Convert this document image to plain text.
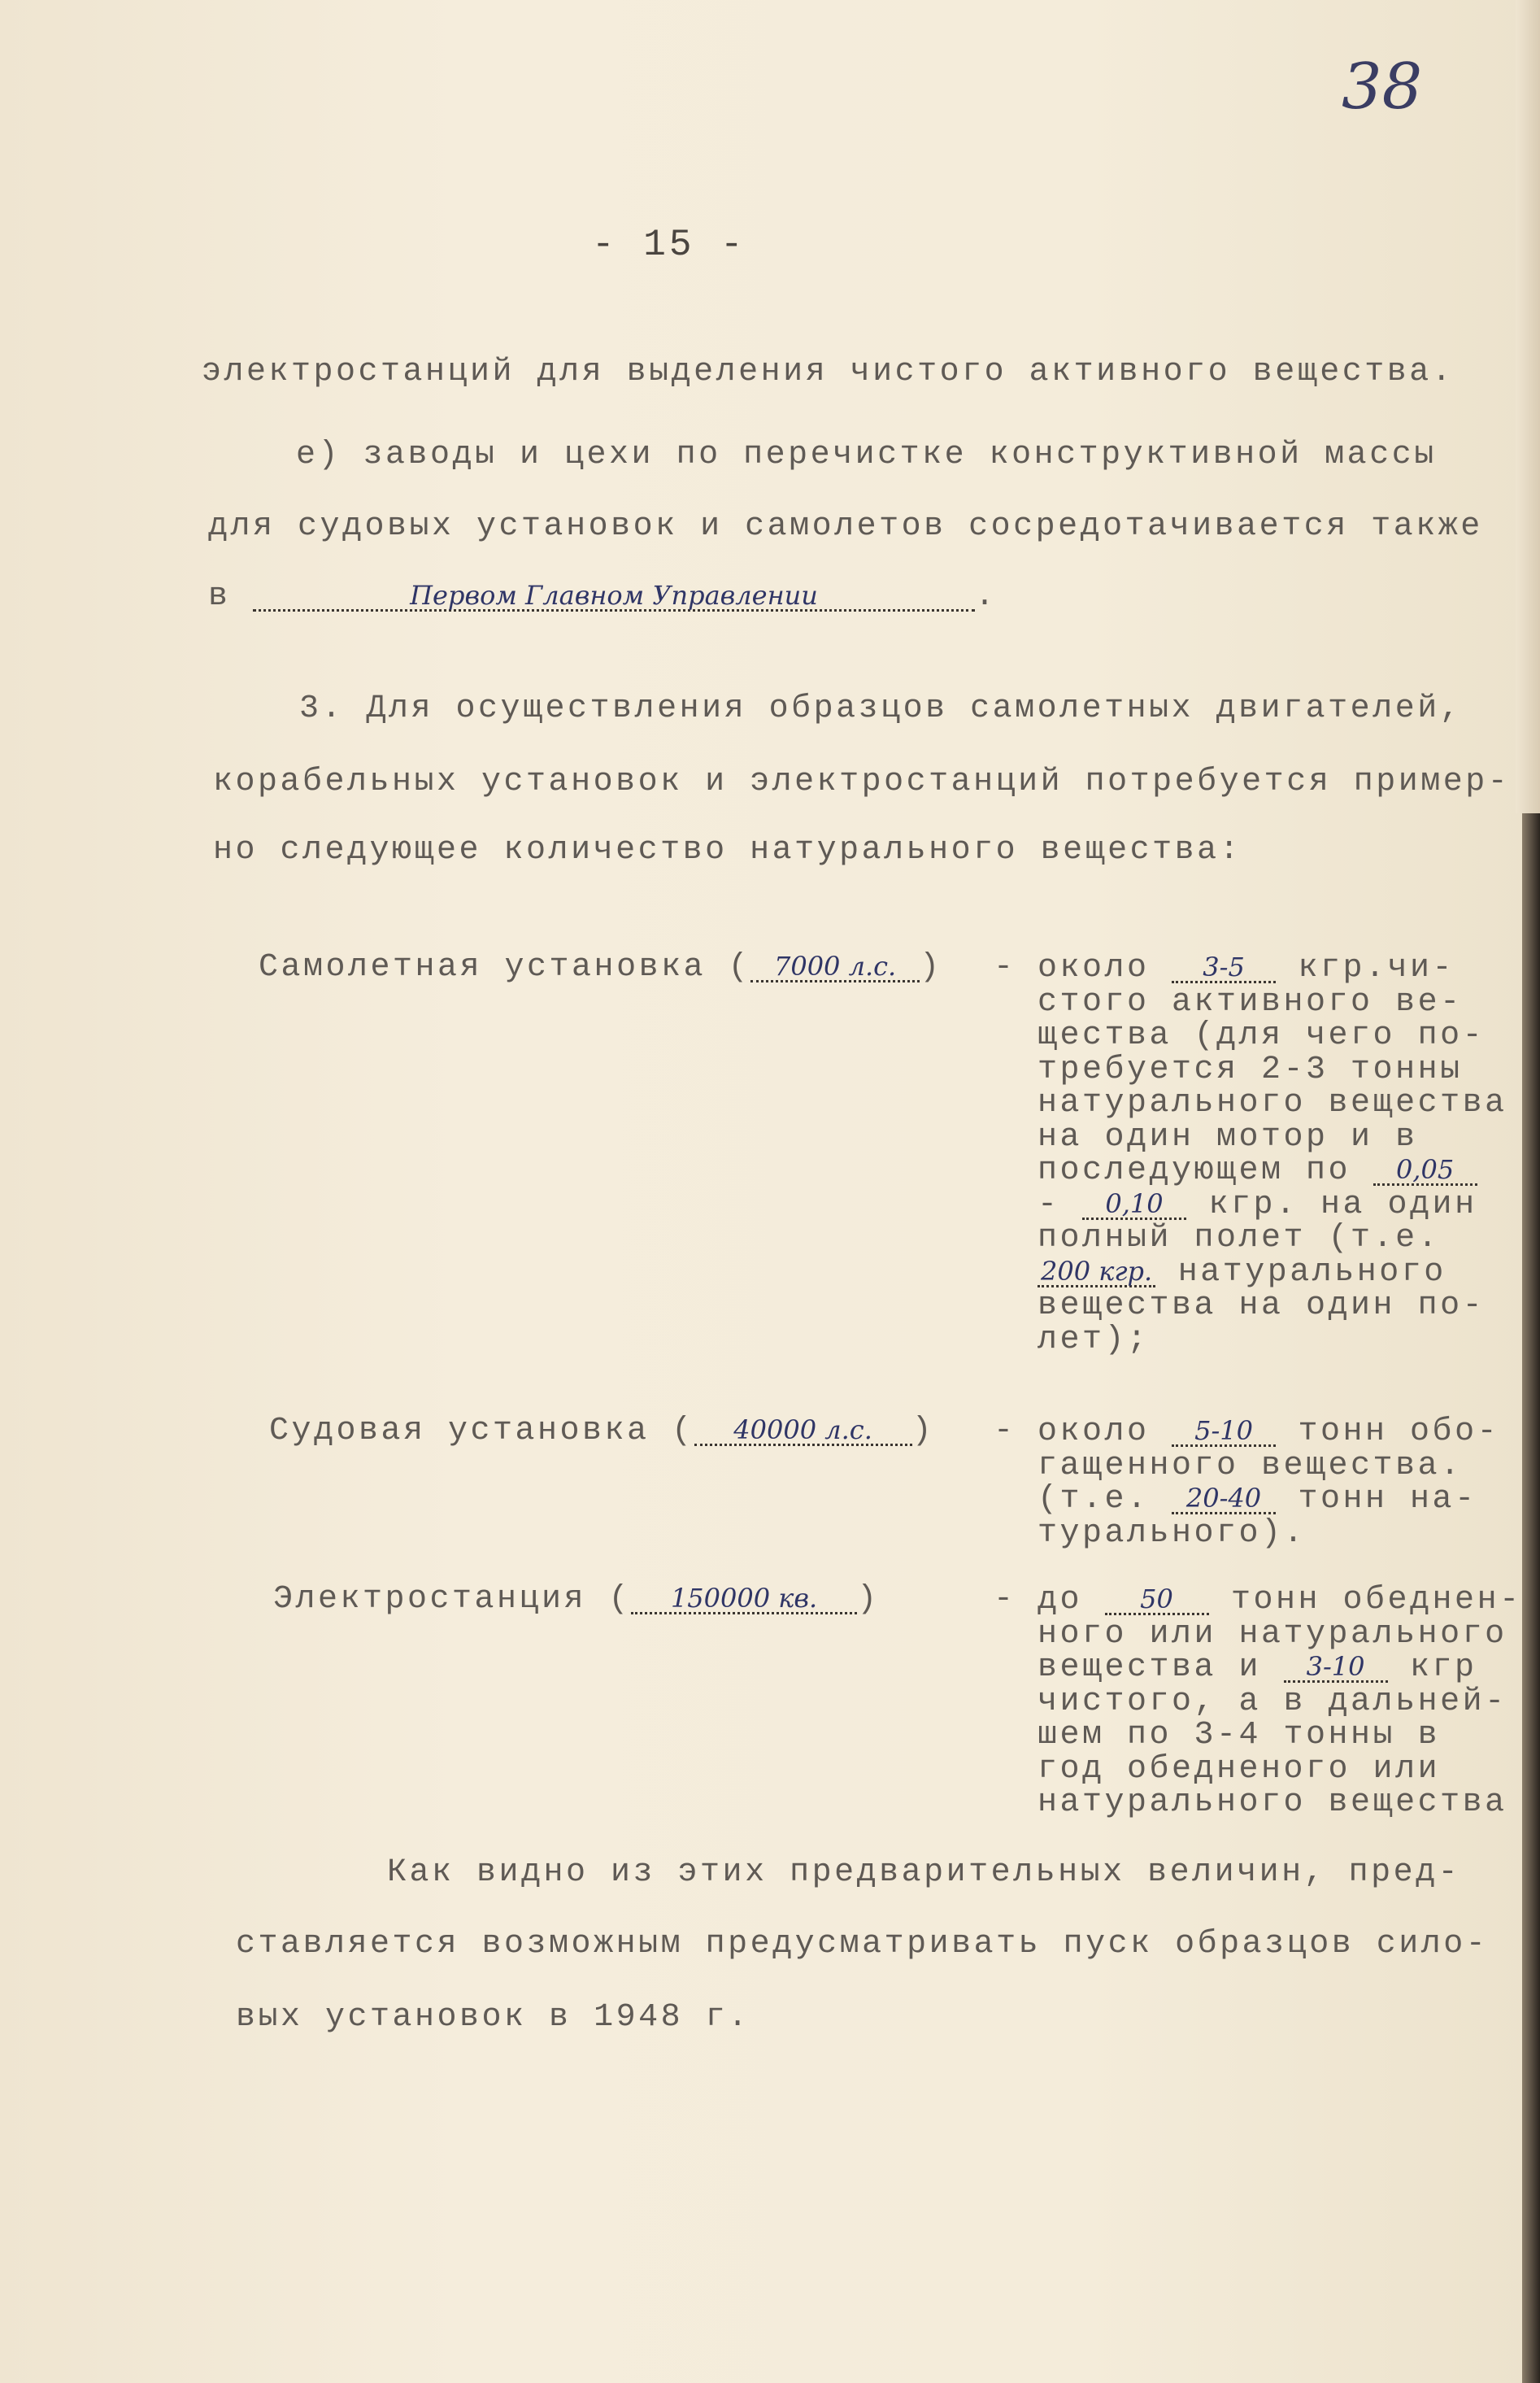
38
- 15 -
электростанций для выделения чистого активного вещества.
е) заводы и цехи по перечистке конструктивной массы
для судовых установок и самолетов сосредотачивается также
в	Первом Главном Управлении	.
3. Для осуществления образцов самолетных двигателей,
корабельных установок и электростанций потребуется пример-
но следующее количество натурального вещества:
Самолетная установка ( 7000 л.с. ) - около 3-5 кгр.чи-
стого активного ве-
щества (для чего по-
требуется 2-3 тонны
натурального вещества
на один мотор и в
последующем по 0,05
- 0,10 кгр. на один
полный полет (т.е.
200 кгр. натурального
вещества на один по-
лет);
Судовая установка ( 40000 л.с. ) - около 5-10 тонн обо-
гащенного вещества.
(т.е. 20-40 тонн на-
турального).
Электростанция ( 150000 кв. )	- до 50 тонн обеднен-
ного или натурального
вещества и 3-10 кгр
чистого, а в дальней-
шем по 3-4 тонны в
год обедненого или
натурального вещества
Как видно из этих предварительных величин, пред-
ставляется возможным предусматривать пуск образцов сило-
вых установок в 1948 г.
